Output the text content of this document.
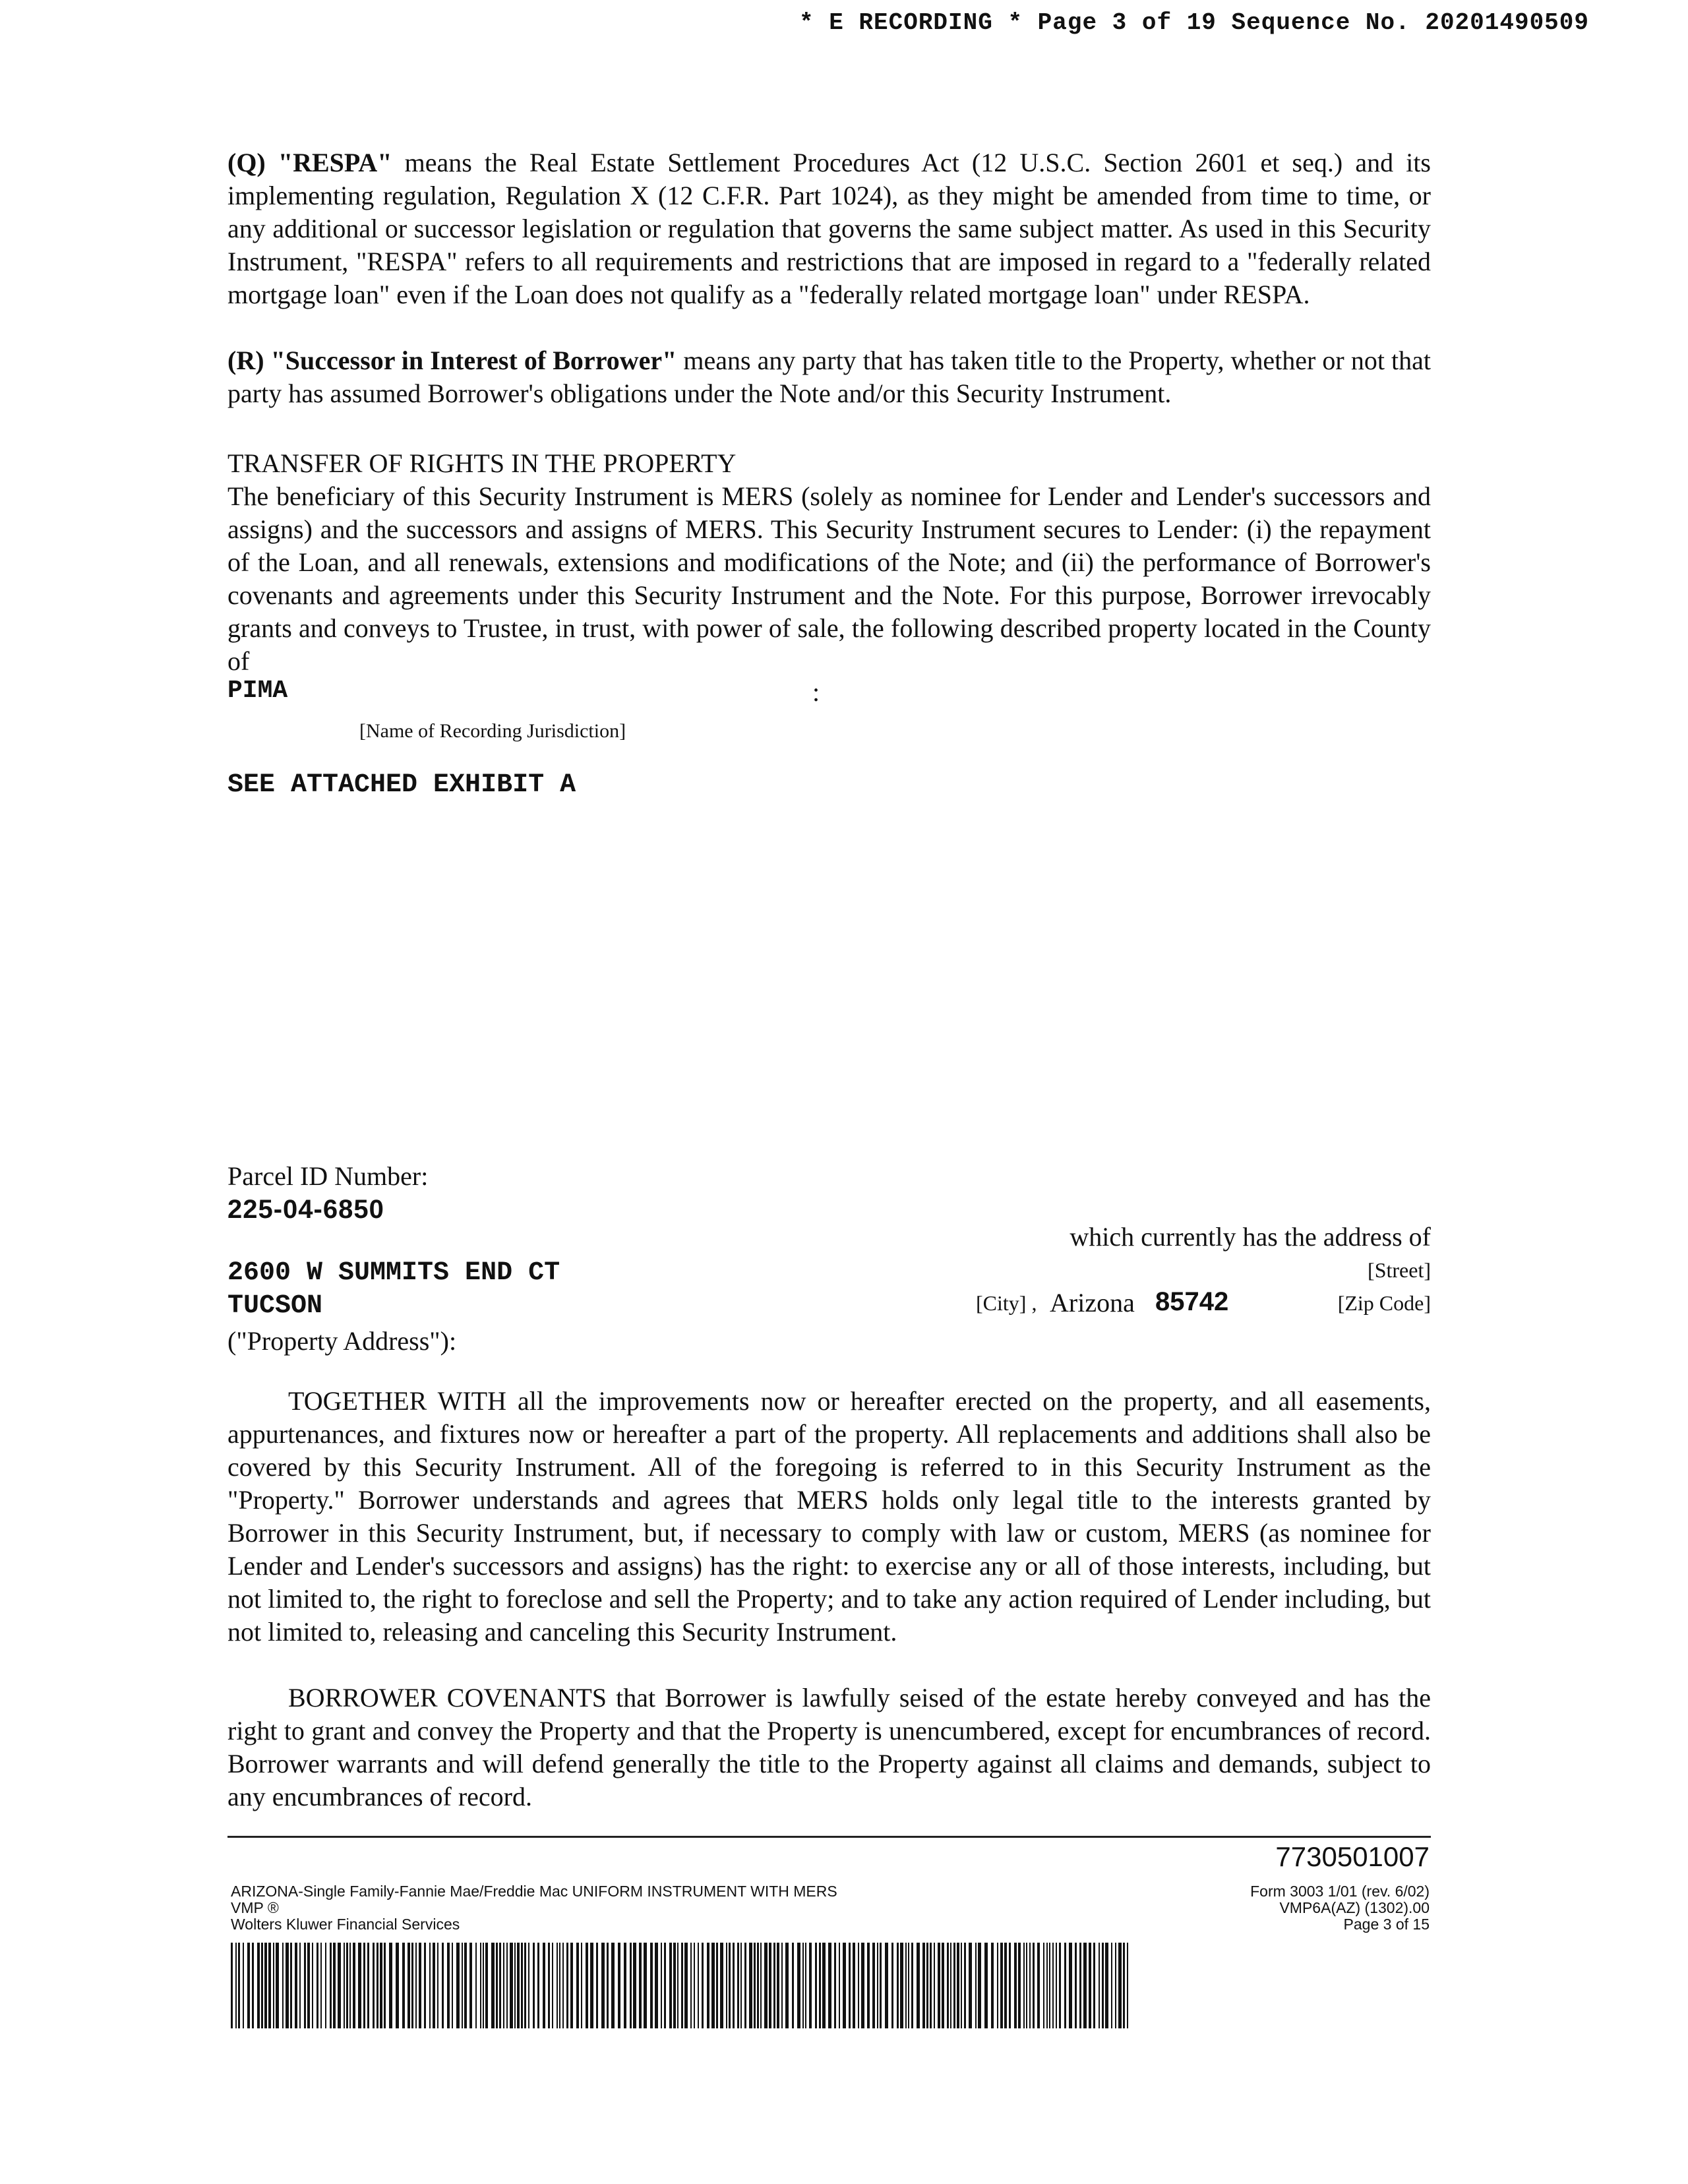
* E RECORDING * Page 3 of 19 Sequence No. 20201490509

(Q) "RESPA" means the Real Estate Settlement Procedures Act (12 U.S.C. Section 2601 et seq.) and its implementing regulation, Regulation X (12 C.F.R. Part 1024), as they might be amended from time to time, or any additional or successor legislation or regulation that governs the same subject matter. As used in this Security Instrument, "RESPA" refers to all requirements and restrictions that are imposed in regard to a "federally related mortgage loan" even if the Loan does not qualify as a "federally related mortgage loan" under RESPA.

(R) "Successor in Interest of Borrower" means any party that has taken title to the Property, whether or not that party has assumed Borrower's obligations under the Note and/or this Security Instrument.

TRANSFER OF RIGHTS IN THE PROPERTY

The beneficiary of this Security Instrument is MERS (solely as nominee for Lender and Lender's successors and assigns) and the successors and assigns of MERS. This Security Instrument secures to Lender: (i) the repayment of the Loan, and all renewals, extensions and modifications of the Note; and (ii) the performance of Borrower's covenants and agreements under this Security Instrument and the Note. For this purpose, Borrower irrevocably grants and conveys to Trustee, in trust, with power of sale, the following described property located in the County of

PIMA	:
[Name of Recording Jurisdiction]
SEE ATTACHED EXHIBIT A
Parcel ID Number:
225-04-6850
which currently has the address of
2600 W SUMMITS END CT	[Street]
TUCSON	[City] , Arizona 85742	[Zip Code]
("Property Address"):

TOGETHER WITH all the improvements now or hereafter erected on the property, and all easements, appurtenances, and fixtures now or hereafter a part of the property. All replacements and additions shall also be covered by this Security Instrument. All of the foregoing is referred to in this Security Instrument as the "Property." Borrower understands and agrees that MERS holds only legal title to the interests granted by Borrower in this Security Instrument, but, if necessary to comply with law or custom, MERS (as nominee for Lender and Lender's successors and assigns) has the right: to exercise any or all of those interests, including, but not limited to, the right to foreclose and sell the Property; and to take any action required of Lender including, but not limited to, releasing and canceling this Security Instrument.

BORROWER COVENANTS that Borrower is lawfully seised of the estate hereby conveyed and has the right to grant and convey the Property and that the Property is unencumbered, except for encumbrances of record. Borrower warrants and will defend generally the title to the Property against all claims and demands, subject to any encumbrances of record.

7730501007
ARIZONA-Single Family-Fannie Mae/Freddie Mac UNIFORM INSTRUMENT WITH MERS
VMP ®
Wolters Kluwer Financial Services
Form 3003 1/01 (rev. 6/02)
VMP6A(AZ) (1302).00
Page 3 of 15
